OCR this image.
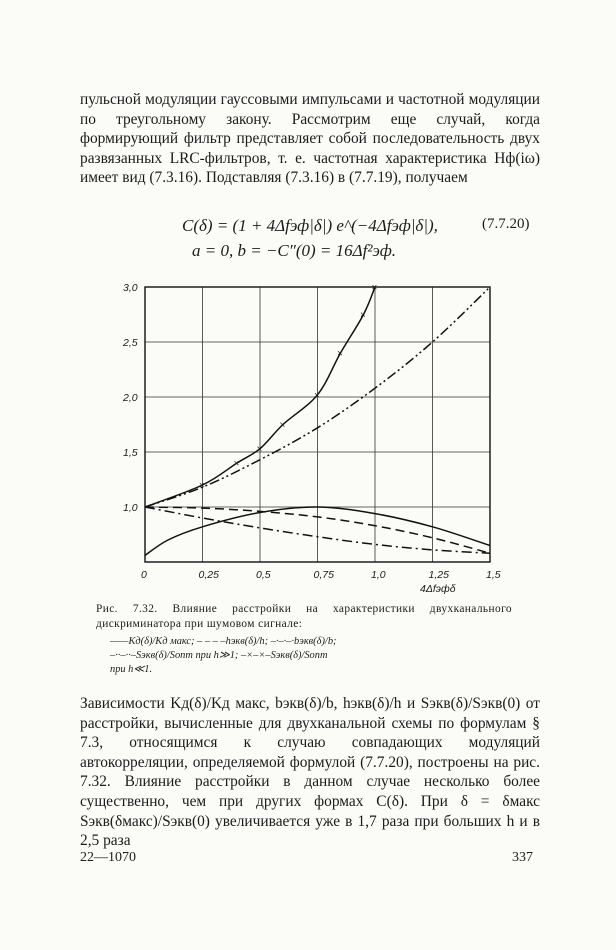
пульсной модуляции гауссовыми импульсами и частотной модуляции по треугольному закону. Рассмотрим еще случай, когда формирующий фильтр представляет собой последовательность двух развязанных LRC-фильтров, т. е. частотная характеристика Hф(iω) имеет вид (7.3.16). Подставляя (7.3.16) в (7.7.19), получаем

C(δ) = (1 + 4Δfэф|δ|) e^(−4Δfэф|δ|),
a = 0, b = −C″(0) = 16Δf²эф.
(7.7.20)
0	0,25	0,5	0,75	1,0	1,25	1,5
1,0
1,5
2,0
2,5
3,0
4Δfэфδ
×
×
×
×
×
×
×
×

Рис. 7.32. Влияние расстройки на характеристики двухканального дискриминатора при шумовом сигнале:

——Kд(δ)/Kд макс; – – – –hэкв(δ)/h; –·–·–·bэкв(δ)/b;
–··–··–Sэкв(δ)/Sопт при h≫1; –×–×–Sэкв(δ)/Sопт
при h≪1.

Зависимости Kд(δ)/Kд макс, bэкв(δ)/b, hэкв(δ)/h и Sэкв(δ)/Sэкв(0) от расстройки, вычисленные для двухканальной схемы по формулам § 7.3, относящимся к случаю совпадающих модуляций автокорреляции, определяемой формулой (7.7.20), построены на рис. 7.32. Влияние расстройки в данном случае несколько более существенно, чем при других формах C(δ). При δ = δмакс Sэкв(δмакс)/Sэкв(0) увеличивается уже в 1,7 раза при больших h и в 2,5 раза

22—1070	337
